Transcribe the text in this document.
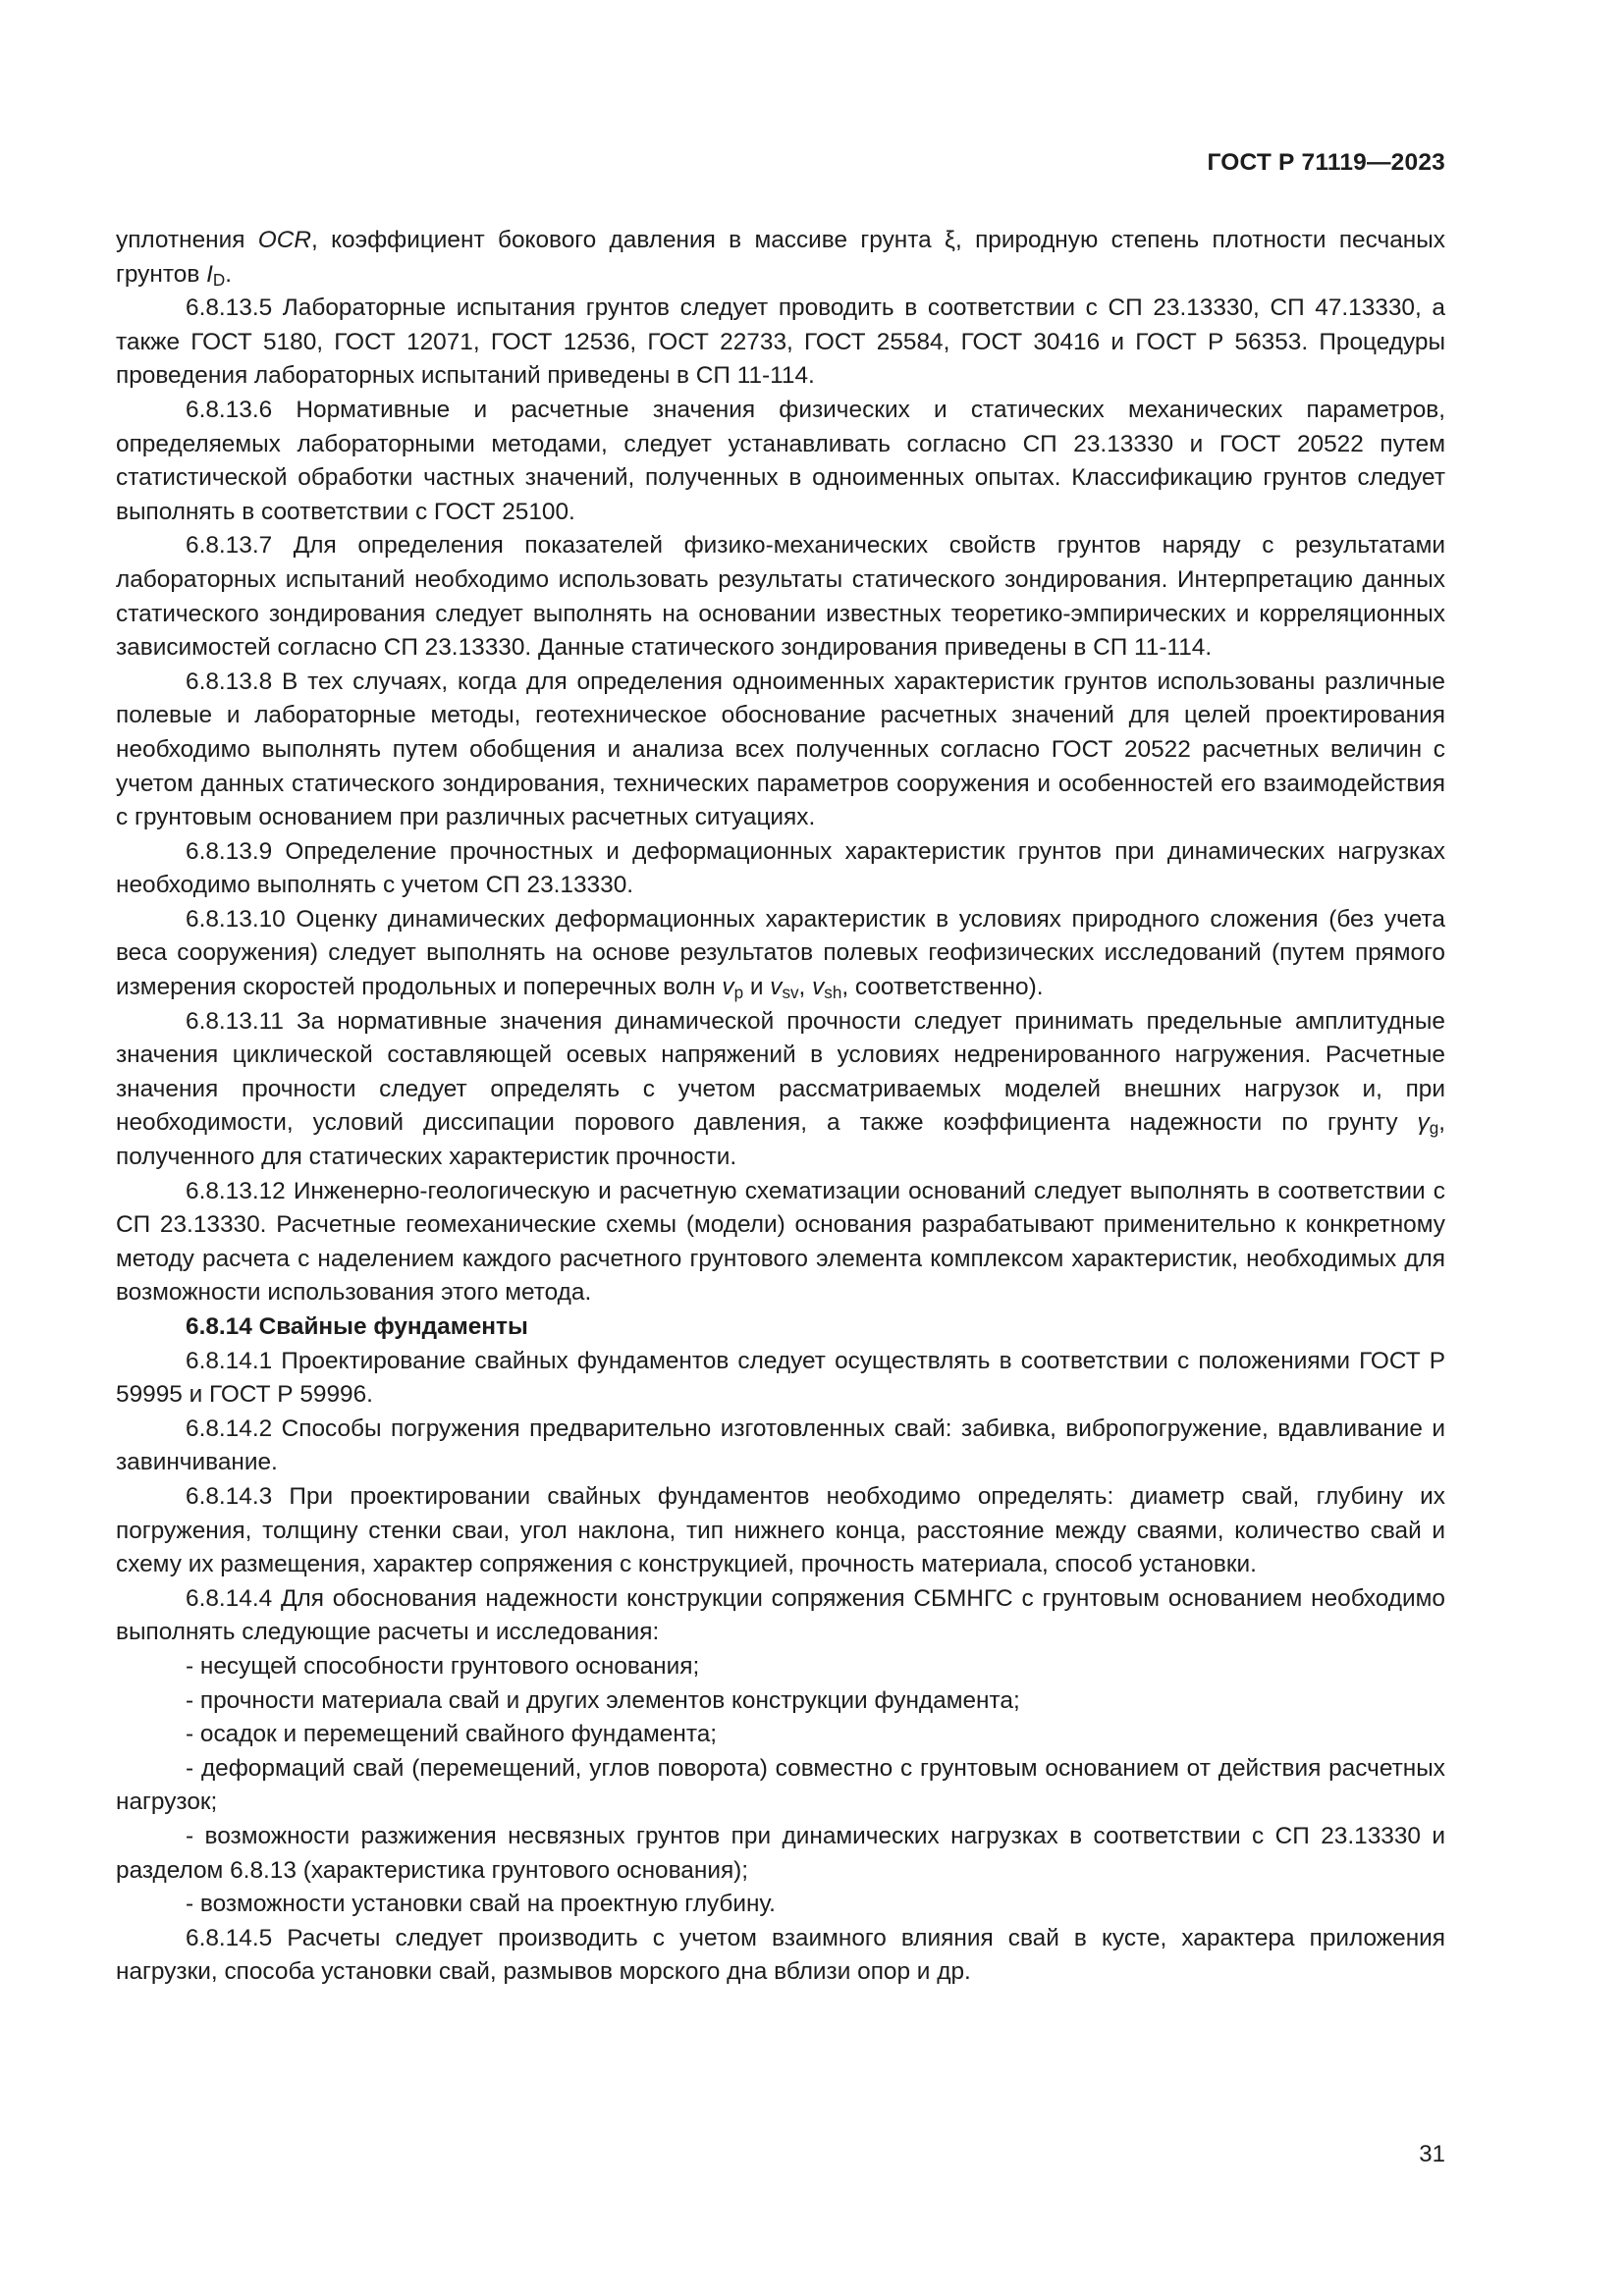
ГОСТ Р 71119—2023

уплотнения OCR, коэффициент бокового давления в массиве грунта ξ, природную степень плотности песчаных грунтов $I_D$.

6.8.13.5 Лабораторные испытания грунтов следует проводить в соответствии с СП 23.13330, СП 47.13330, а также ГОСТ 5180, ГОСТ 12071, ГОСТ 12536, ГОСТ 22733, ГОСТ 25584, ГОСТ 30416 и ГОСТ Р 56353. Процедуры проведения лабораторных испытаний приведены в СП 11-114.

6.8.13.6 Нормативные и расчетные значения физических и статических механических параметров, определяемых лабораторными методами, следует устанавливать согласно СП 23.13330 и ГОСТ 20522 путем статистической обработки частных значений, полученных в одноименных опытах. Классификацию грунтов следует выполнять в соответствии с ГОСТ 25100.

6.8.13.7 Для определения показателей физико-механических свойств грунтов наряду с результатами лабораторных испытаний необходимо использовать результаты статического зондирования. Интерпретацию данных статического зондирования следует выполнять на основании известных теоретико-эмпирических и корреляционных зависимостей согласно СП 23.13330. Данные статического зондирования приведены в СП 11-114.

6.8.13.8 В тех случаях, когда для определения одноименных характеристик грунтов использованы различные полевые и лабораторные методы, геотехническое обоснование расчетных значений для целей проектирования необходимо выполнять путем обобщения и анализа всех полученных согласно ГОСТ 20522 расчетных величин с учетом данных статического зондирования, технических параметров сооружения и особенностей его взаимодействия с грунтовым основанием при различных расчетных ситуациях.

6.8.13.9 Определение прочностных и деформационных характеристик грунтов при динамических нагрузках необходимо выполнять с учетом СП 23.13330.

6.8.13.10 Оценку динамических деформационных характеристик в условиях природного сложения (без учета веса сооружения) следует выполнять на основе результатов полевых геофизических исследований (путем прямого измерения скоростей продольных и поперечных волн $v_p$ и $v_{sv}$, $v_{sh}$, соответственно).

6.8.13.11 За нормативные значения динамической прочности следует принимать предельные амплитудные значения циклической составляющей осевых напряжений в условиях недренированного нагружения. Расчетные значения прочности следует определять с учетом рассматриваемых моделей внешних нагрузок и, при необходимости, условий диссипации порового давления, а также коэффициента надежности по грунту $\gamma_g$, полученного для статических характеристик прочности.

6.8.13.12 Инженерно-геологическую и расчетную схематизации оснований следует выполнять в соответствии с СП 23.13330. Расчетные геомеханические схемы (модели) основания разрабатывают применительно к конкретному методу расчета с наделением каждого расчетного грунтового элемента комплексом характеристик, необходимых для возможности использования этого метода.

6.8.14 Свайные фундаменты

6.8.14.1 Проектирование свайных фундаментов следует осуществлять в соответствии с положениями ГОСТ Р 59995 и ГОСТ Р 59996.

6.8.14.2 Способы погружения предварительно изготовленных свай: забивка, вибропогружение, вдавливание и завинчивание.

6.8.14.3 При проектировании свайных фундаментов необходимо определять: диаметр свай, глубину их погружения, толщину стенки сваи, угол наклона, тип нижнего конца, расстояние между сваями, количество свай и схему их размещения, характер сопряжения с конструкцией, прочность материала, способ установки.

6.8.14.4 Для обоснования надежности конструкции сопряжения СБМНГС с грунтовым основанием необходимо выполнять следующие расчеты и исследования:

- несущей способности грунтового основания;

- прочности материала свай и других элементов конструкции фундамента;

- осадок и перемещений свайного фундамента;

- деформаций свай (перемещений, углов поворота) совместно с грунтовым основанием от действия расчетных нагрузок;

- возможности разжижения несвязных грунтов при динамических нагрузках в соответствии с СП 23.13330 и разделом 6.8.13 (характеристика грунтового основания);

- возможности установки свай на проектную глубину.

6.8.14.5 Расчеты следует производить с учетом взаимного влияния свай в кусте, характера приложения нагрузки, способа установки свай, размывов морского дна вблизи опор и др.

31
